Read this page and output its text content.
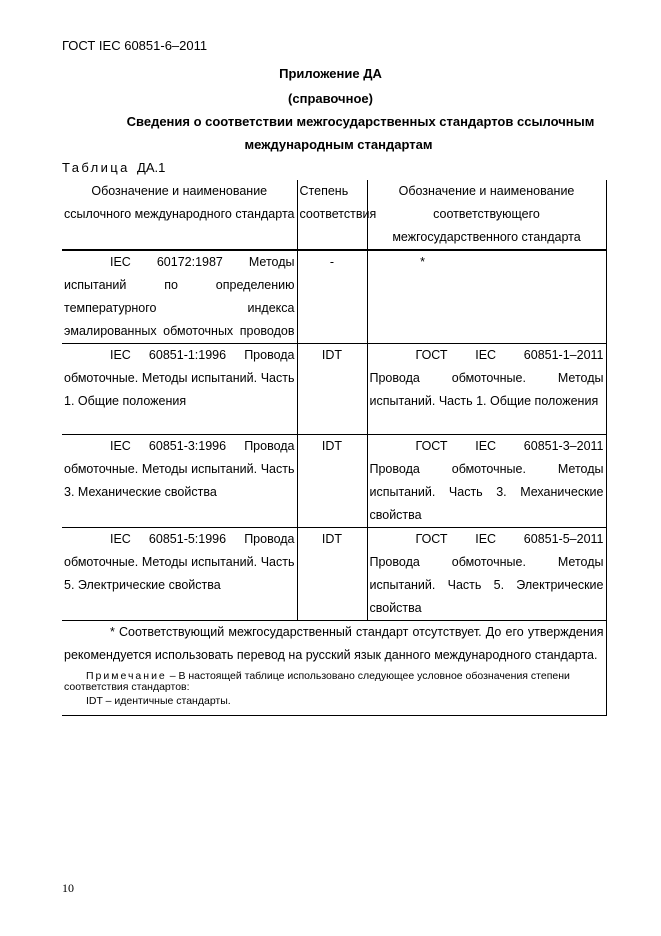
ГОСТ IEC 60851-6–2011
Приложение ДА
(справочное)
Сведения о соответствии межгосударственных стандартов ссылочным
международным стандартам
Таблица ДА.1
Обозначение и наименование ссылочного международного стандарта	Степень соответствия	Обозначение и наименование соответствующего межгосударственного стандарта
IEC 60172:1987 Методы испытаний по определению температурного индекса эмалированных обмоточных проводов	-	*
IEC 60851-1:1996 Провода обмоточные. Методы испытаний. Часть 1. Общие положения	IDT	ГОСТ IEC 60851-1–2011 Провода обмоточные. Методы испытаний. Часть 1. Общие положения
IEC 60851-3:1996 Провода обмоточные. Методы испытаний. Часть 3. Механические свойства	IDT	ГОСТ IEC 60851-3–2011 Провода обмоточные. Методы испытаний. Часть 3. Механические свойства
IEC 60851-5:1996 Провода обмоточные. Методы испытаний. Часть 5. Электрические свойства	IDT	ГОСТ IEC 60851-5–2011 Провода обмоточные. Методы испытаний. Часть 5. Электрические свойства

* Соответствующий межгосударственный стандарт отсутствует. До его утверждения рекомендуется использовать перевод на русский язык данного международного стандарта.
Примечание – В настоящей таблице использовано следующее условное обозначения степени соответствия стандартов:
IDT – идентичные стандарты.		
10
